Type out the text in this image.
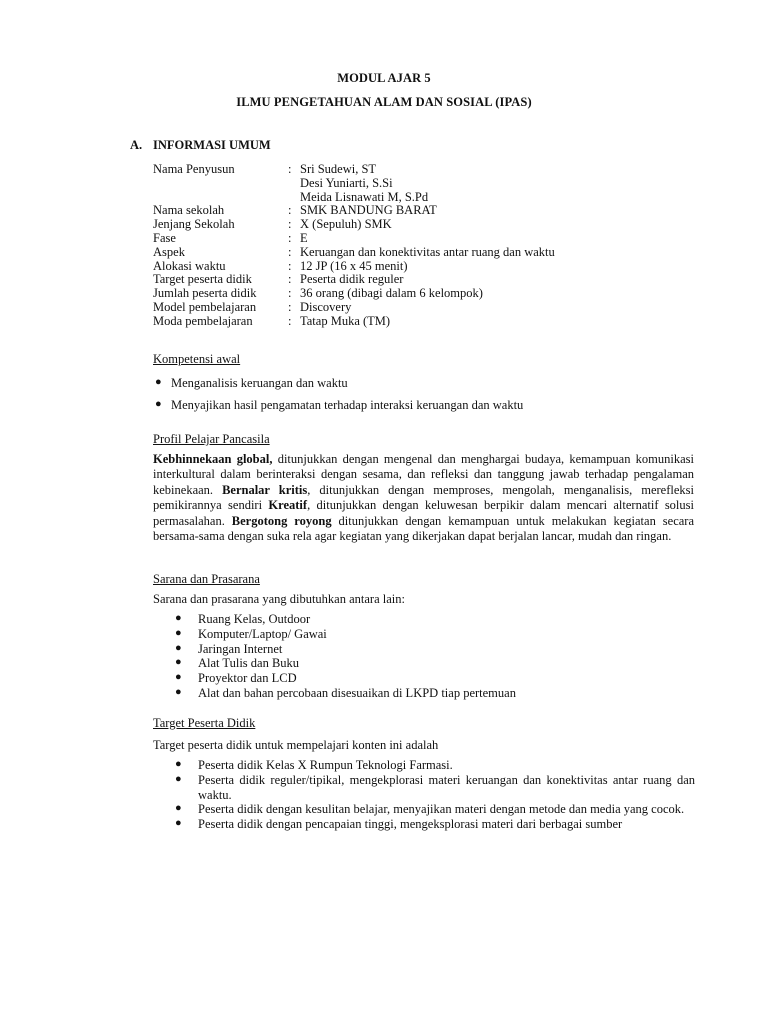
MODUL AJAR 5
ILMU PENGETAHUAN ALAM DAN SOSIAL (IPAS)
A. INFORMASI UMUM
Nama Penyusun	: Sri Sudewi, ST
Desi Yuniarti, S.Si
Meida Lisnawati M, S.Pd
Nama sekolah	: SMK BANDUNG BARAT
Jenjang Sekolah	: X (Sepuluh) SMK
Fase	: E
Aspek	: Keruangan dan konektivitas antar ruang dan waktu
Alokasi waktu	: 12 JP (16 x 45 menit)
Target peserta didik	: Peserta didik reguler
Jumlah peserta didik	: 36 orang (dibagi dalam 6 kelompok)
Model pembelajaran	: Discovery
Moda pembelajaran	: Tatap Muka (TM)
Kompetensi awal
● Menganalisis keruangan dan waktu
● Menyajikan hasil pengamatan terhadap interaksi keruangan dan waktu
Profil Pelajar Pancasila
Kebhinnekaan global, ditunjukkan dengan mengenal dan menghargai budaya, kemampuan komunikasi interkultural dalam berinteraksi dengan sesama, dan refleksi dan tanggung jawab terhadap pengalaman kebinekaan. Bernalar kritis, ditunjukkan dengan memproses, mengolah, menganalisis, merefleksi pemikirannya sendiri Kreatif, ditunjukkan dengan keluwesan berpikir dalam mencari alternatif solusi permasalahan. Bergotong royong ditunjukkan dengan kemampuan untuk melakukan kegiatan secara bersama-sama dengan suka rela agar kegiatan yang dikerjakan dapat berjalan lancar, mudah dan ringan.
Sarana dan Prasarana
Sarana dan prasarana yang dibutuhkan antara lain:
● Ruang Kelas, Outdoor
● Komputer/Laptop/ Gawai
● Jaringan Internet
● Alat Tulis dan Buku
● Proyektor dan LCD
● Alat dan bahan percobaan disesuaikan di LKPD tiap pertemuan
Target Peserta Didik
Target peserta didik untuk mempelajari konten ini adalah
● Peserta didik Kelas X Rumpun Teknologi Farmasi.
● Peserta didik reguler/tipikal, mengekplorasi materi keruangan dan konektivitas antar ruang dan waktu.
● Peserta didik dengan kesulitan belajar, menyajikan materi dengan metode dan media yang cocok.
● Peserta didik dengan pencapaian tinggi, mengeksplorasi materi dari berbagai sumber
